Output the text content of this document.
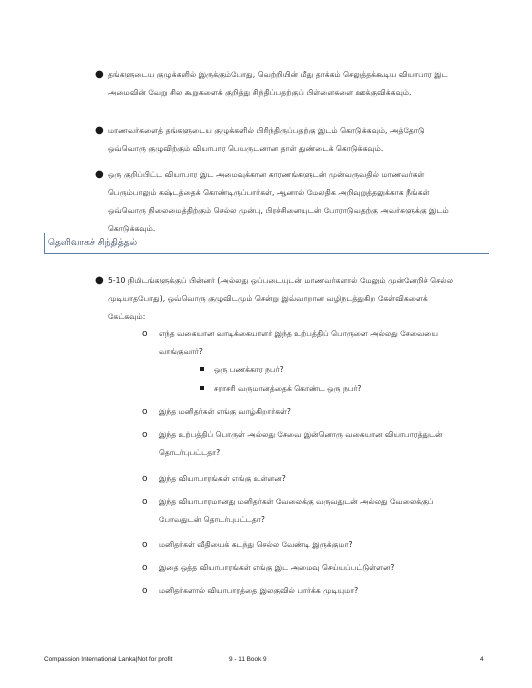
● தங்களுடைய குழுக்களில் இருக்கும்போது, வெற்றியின் மீது தாக்கம் செலுத்தக்கூடிய வியாபார இட அமைவின் வேறு சில கூறுகளைக் குறித்து சிந்திப்பதற்குப் பிள்ளைகளை ஊக்குவிக்கவும்.
● மாணவர்களைத் தங்களுடைய குழுக்களில் பிரிந்திருப்பதற்கு இடம் கொடுக்கவும், அத்தோடு ஒவ்வொரு குழுவிற்கும் வியாபார பெயருடனான தாள் துண்டைக் கொடுக்கவும்.
● ஒரு குறிப்பிட்ட வியாபார இட அமைவுக்கான காரணங்களுடன் முன்வருவதில் மாணவர்கள் பெரும்பாலும் கஷ்டத்தைக் கொண்டிருப்பார்கள், ஆனால் மேலதிக அறிவுறுத்தலுக்காக நீங்கள் ஒவ்வொரு நிலைமைத்திற்கும் செல்ல முன்பு, பிரச்சினையுடன் போராடுவதற்கு அவர்களுக்கு இடம் கொடுக்கவும்.
தெளிவாகச் சிந்தித்தல்
● 5-10 நிமிடங்களுக்குப் பின்னர் (அல்லது ஒப்படையுடன் மாணவர்களால் மேலும் முன்னேறிச் செல்ல முடியாதபோது), ஒவ்வொரு குழுவிடமும் சென்று இவ்வாறான வழிநடத்துகிற கேள்விகளைக் கேட்கவும்:
o எந்த வகையான வாடிக்கையாளர் இந்த உற்பத்திப் பொருளை அல்லது சேவையை வாங்குவார்?
ஒரு பணக்கார நபர்?
சராசரி வருமானத்தைக் கொண்ட ஒரு நபர்?
o இந்த மனிதர்கள் எங்கு வாழ்கிறார்கள்?
o இந்த உற்பத்திப் பொருள் அல்லது சேவை இன்னொரு வகையான வியாபாரத்துடன் தொடர்புபட்டதா?
o இந்த வியாபாரங்கள் எங்கு உள்ளன?
o இந்த வியாபாரமானது மனிதர்கள் வேலைக்கு வருவதுடன் அல்லது வேலைக்குப் போவதுடன் தொடர்புபட்டதா?
o மனிதர்கள் வீதியைக் கடந்து செல்ல வேண்டி இருக்குமா?
o இதை ஒத்த வியாபாரங்கள் எங்கு இட அமைவு செய்யப்பட்டுள்ளன?
o மனிதர்களால் வியாபாரத்தை இலகுவில் பார்க்க முடியுமா?
Compassion International Lanka|Not for profit	9 - 11 Book 9	4
